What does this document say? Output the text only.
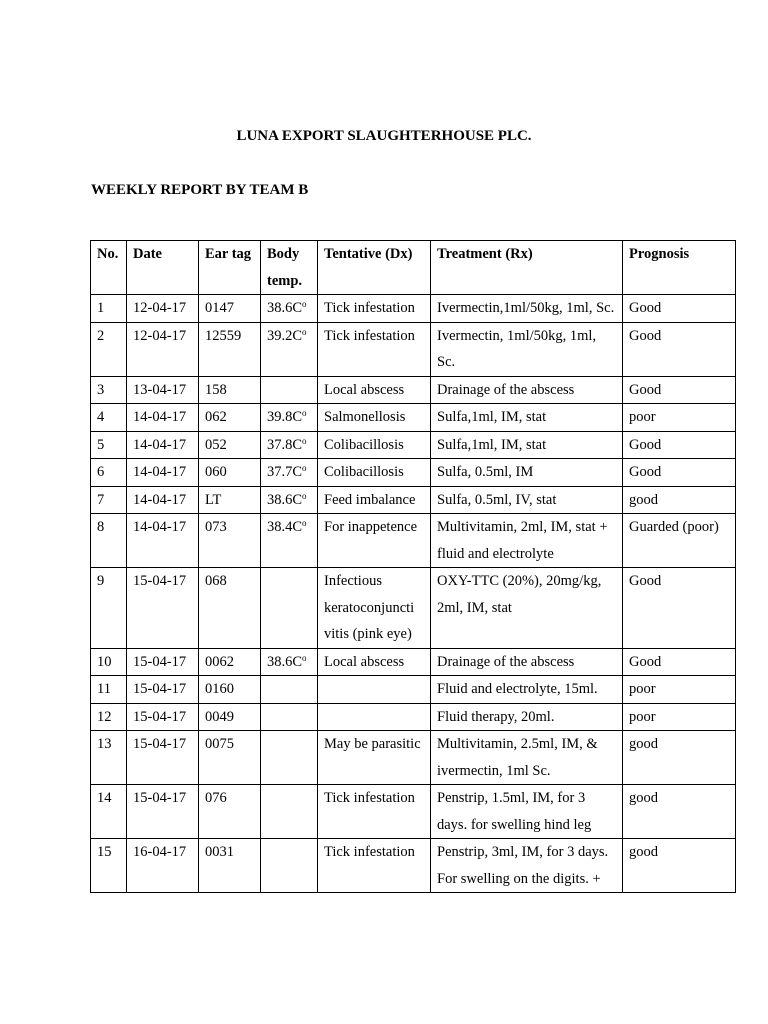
LUNA EXPORT SLAUGHTERHOUSE PLC.
WEEKLY REPORT BY TEAM B
No.	Date	Ear tag	Body temp.	Tentative (Dx)	Treatment (Rx)	Prognosis
1	12-04-17	0147	$38.6C^o$	Tick infestation	Ivermectin,1ml/50kg, 1ml, Sc.	Good
2	12-04-17	12559	$39.2C^o$	Tick infestation	Ivermectin, 1ml/50kg, 1ml, Sc.	Good
3	13-04-17	158		Local abscess	Drainage of the abscess	Good
4	14-04-17	062	$39.8C^o$	Salmonellosis	Sulfa,1ml, IM, stat	poor
5	14-04-17	052	$37.8C^o$	Colibacillosis	Sulfa,1ml, IM, stat	Good
6	14-04-17	060	$37.7C^o$	Colibacillosis	Sulfa, 0.5ml, IM	Good
7	14-04-17	LT	$38.6C^o$	Feed imbalance	Sulfa, 0.5ml, IV, stat	good
8	14-04-17	073	$38.4C^o$	For inappetence	Multivitamin, 2ml, IM, stat + fluid and electrolyte	Guarded (poor)
9	15-04-17	068		Infectious keratoconjuncti vitis (pink eye)	OXY-TTC (20%), 20mg/kg, 2ml, IM, stat	Good
10	15-04-17	0062	$38.6C^o$	Local abscess	Drainage of the abscess	Good
11	15-04-17	0160			Fluid and electrolyte, 15ml.	poor
12	15-04-17	0049			Fluid therapy, 20ml.	poor
13	15-04-17	0075		May be parasitic	Multivitamin, 2.5ml, IM, & ivermectin, 1ml Sc.	good
14	15-04-17	076		Tick infestation	Penstrip, 1.5ml, IM, for 3 days. for swelling hind leg	good
15	16-04-17	0031		Tick infestation	Penstrip, 3ml, IM, for 3 days. For swelling on the digits. +	good
